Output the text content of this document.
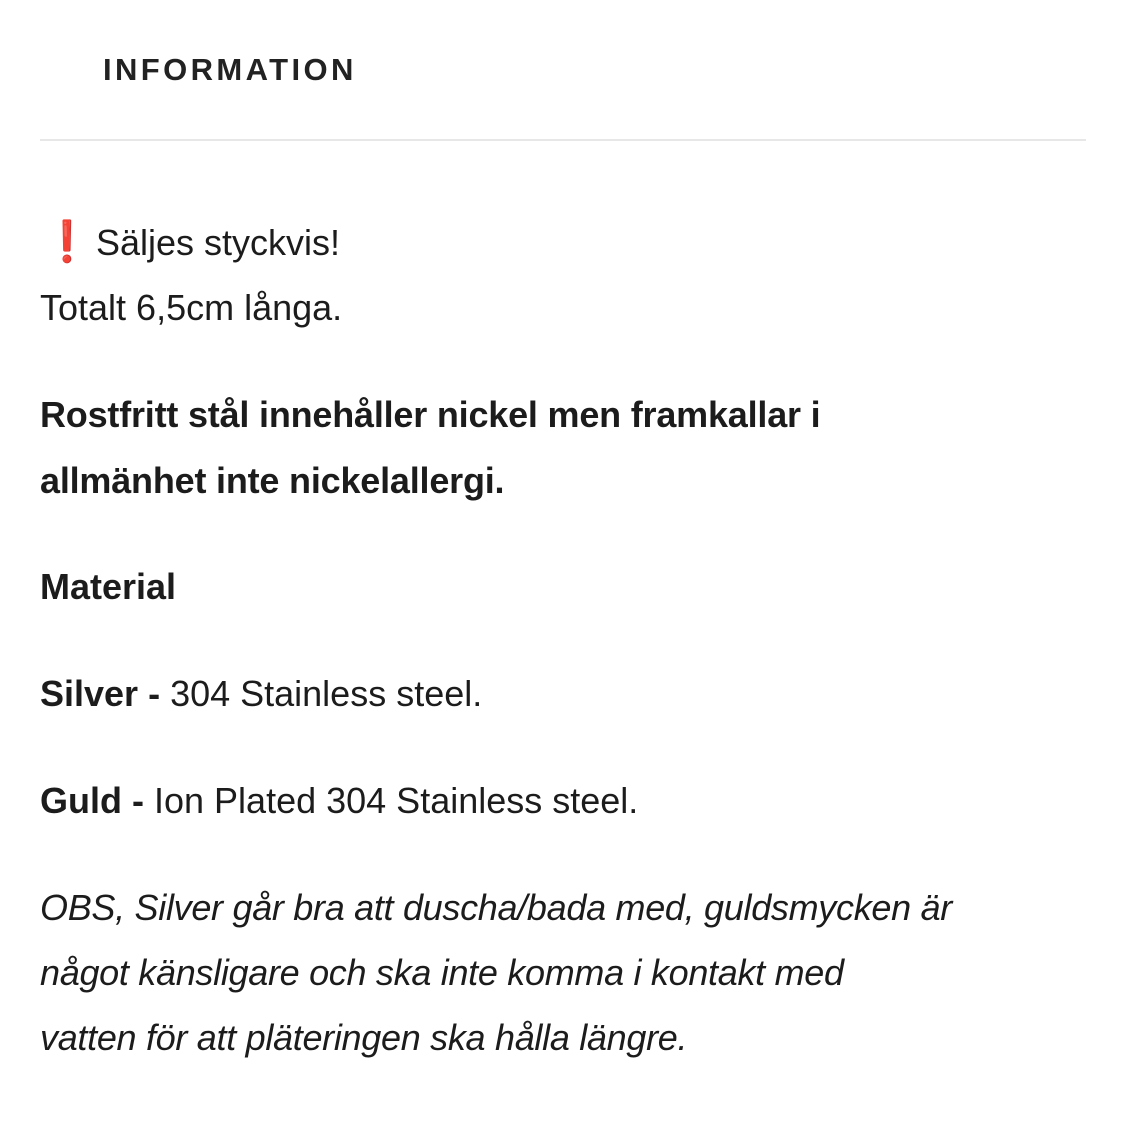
INFORMATION

❗ Säljes styckvis!

Totalt 6,5cm långa.

Rostfritt stål innehåller nickel men framkallar i
allmänhet inte nickelallergi.
Material
Silver - 304 Stainless steel.
Guld - Ion Plated 304 Stainless steel.
OBS, Silver går bra att duscha/bada med, guldsmycken är
något känsligare och ska inte komma i kontakt med
vatten för att pläteringen ska hålla längre.
